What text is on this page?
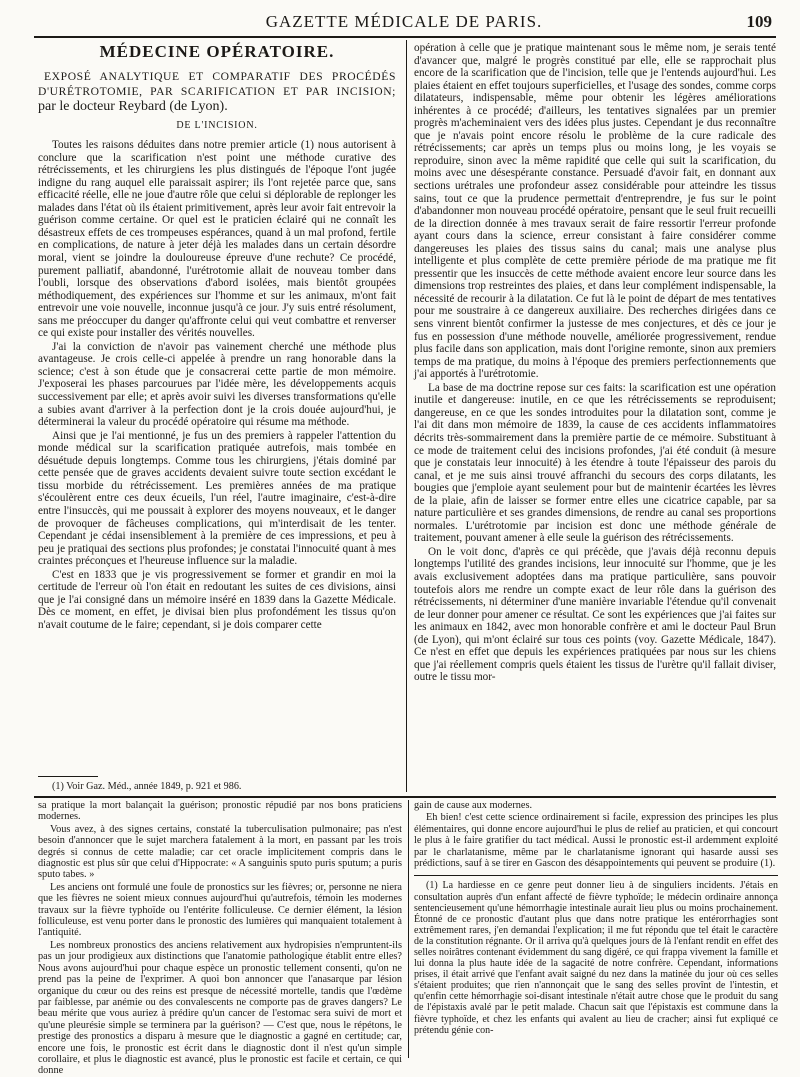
GAZETTE MÉDICALE DE PARIS.	109
MÉDECINE OPÉRATOIRE.
EXPOSÉ ANALYTIQUE ET COMPARATIF DES PROCÉDÉS D'URÉTROTOMIE, PAR SCARIFICATION ET PAR INCISION; par le docteur Reybard (de Lyon).
DE L'INCISION.

Toutes les raisons déduites dans notre premier article (1) nous autorisent à conclure que la scarification n'est point une méthode curative des rétrécissements, et les chirurgiens les plus distingués de l'époque l'ont jugée indigne du rang auquel elle paraissait aspirer; ils l'ont rejetée parce que, sans efficacité réelle, elle ne joue d'autre rôle que celui si déplorable de replonger les malades dans l'état où ils étaient primitivement, après leur avoir fait entrevoir la guérison comme certaine. Or quel est le praticien éclairé qui ne connaît les désastreux effets de ces trompeuses espérances, quand à un mal profond, fertile en complications, de nature à jeter déjà les malades dans un certain désordre moral, vient se joindre la douloureuse épreuve d'une rechute? Ce procédé, purement palliatif, abandonné, l'urétrotomie allait de nouveau tomber dans l'oubli, lorsque des observations d'abord isolées, mais bientôt groupées méthodiquement, des expériences sur l'homme et sur les animaux, m'ont fait entrevoir une voie nouvelle, inconnue jusqu'à ce jour. J'y suis entré résolument, sans me préoccuper du danger qu'affronte celui qui veut combattre et renverser ce qui existe pour installer des vérités nouvelles.

J'ai la conviction de n'avoir pas vainement cherché une méthode plus avantageuse. Je crois celle-ci appelée à prendre un rang honorable dans la science; c'est à son étude que je consacrerai cette partie de mon mémoire. J'exposerai les phases parcourues par l'idée mère, les développements acquis successivement par elle; et après avoir suivi les diverses transformations qu'elle a subies avant d'arriver à la perfection dont je la crois douée aujourd'hui, je déterminerai la valeur du procédé opératoire qui résume ma méthode.

Ainsi que je l'ai mentionné, je fus un des premiers à rappeler l'attention du monde médical sur la scarification pratiquée autrefois, mais tombée en désuétude depuis longtemps. Comme tous les chirurgiens, j'étais dominé par cette pensée que de graves accidents devaient suivre toute section excédant le tissu morbide du rétrécissement. Les premières années de ma pratique s'écoulèrent entre ces deux écueils, l'un réel, l'autre imaginaire, c'est-à-dire entre l'insuccès, qui me poussait à explorer des moyens nouveaux, et le danger de provoquer de fâcheuses complications, qui m'interdisait de les tenter. Cependant je cédai insensiblement à la première de ces impressions, et peu à peu je pratiquai des sections plus profondes; je constatai l'innocuité quant à mes craintes préconçues et l'heureuse influence sur la maladie.

C'est en 1833 que je vis progressivement se former et grandir en moi la certitude de l'erreur où l'on était en redoutant les suites de ces divisions, ainsi que je l'ai consigné dans un mémoire inséré en 1839 dans la Gazette Médicale. Dès ce moment, en effet, je divisai bien plus profondément les tissus qu'on n'avait coutume de le faire; cependant, si je dois comparer cette

(1) Voir Gaz. Méd., année 1849, p. 921 et 986.

opération à celle que je pratique maintenant sous le même nom, je serais tenté d'avancer que, malgré le progrès constitué par elle, elle se rapprochait plus encore de la scarification que de l'incision, telle que je l'entends aujourd'hui. Les plaies étaient en effet toujours superficielles, et l'usage des sondes, comme corps dilatateurs, indispensable, même pour obtenir les légères améliorations inhérentes à ce procédé; d'ailleurs, les tentatives signalées par un premier progrès m'acheminaient vers des idées plus justes. Cependant je dus reconnaître que je n'avais point encore résolu le problème de la cure radicale des rétrécissements; car après un temps plus ou moins long, je les voyais se reproduire, sinon avec la même rapidité que celle qui suit la scarification, du moins avec une désespérante constance. Persuadé d'avoir fait, en donnant aux sections urétrales une profondeur assez considérable pour atteindre les tissus sains, tout ce que la prudence permettait d'entreprendre, je fus sur le point d'abandonner mon nouveau procédé opératoire, pensant que le seul fruit recueilli de la direction donnée à mes travaux serait de faire ressortir l'erreur profonde ayant cours dans la science, erreur consistant à faire considérer comme dangereuses les plaies des tissus sains du canal; mais une analyse plus intelligente et plus complète de cette première période de ma pratique me fit pressentir que les insuccès de cette méthode avaient encore leur source dans les dimensions trop restreintes des plaies, et dans leur complément indispensable, la nécessité de recourir à la dilatation. Ce fut là le point de départ de mes tentatives pour me soustraire à ce dangereux auxiliaire. Des recherches dirigées dans ce sens vinrent bientôt confirmer la justesse de mes conjectures, et dès ce jour je fus en possession d'une méthode nouvelle, améliorée progressivement, rendue plus facile dans son application, mais dont l'origine remonte, sinon aux premiers temps de ma pratique, du moins à l'époque des premiers perfectionnements que j'ai apportés à l'urétrotomie.

La base de ma doctrine repose sur ces faits: la scarification est une opération inutile et dangereuse: inutile, en ce que les rétrécissements se reproduisent; dangereuse, en ce que les sondes introduites pour la dilatation sont, comme je l'ai dit dans mon mémoire de 1839, la cause de ces accidents inflammatoires décrits très-sommairement dans la première partie de ce mémoire. Substituant à ce mode de traitement celui des incisions profondes, j'ai été conduit (à mesure que je constatais leur innocuité) à les étendre à toute l'épaisseur des parois du canal, et je me suis ainsi trouvé affranchi du secours des corps dilatants, les bougies que j'emploie ayant seulement pour but de maintenir écartées les lèvres de la plaie, afin de laisser se former entre elles une cicatrice capable, par sa nature particulière et ses grandes dimensions, de rendre au canal ses proportions normales. L'urétrotomie par incision est donc une méthode générale de traitement, pouvant amener à elle seule la guérison des rétrécissements.

On le voit donc, d'après ce qui précède, que j'avais déjà reconnu depuis longtemps l'utilité des grandes incisions, leur innocuité sur l'homme, que je les avais exclusivement adoptées dans ma pratique particulière, sans pouvoir toutefois alors me rendre un compte exact de leur rôle dans la guérison des rétrécissements, ni déterminer d'une manière invariable l'étendue qu'il convenait de leur donner pour amener ce résultat. Ce sont les expériences que j'ai faites sur les animaux en 1842, avec mon honorable confrère et ami le docteur Paul Brun (de Lyon), qui m'ont éclairé sur tous ces points (voy. Gazette Médicale, 1847). Ce n'est en effet que depuis les expériences pratiquées par nous sur les chiens que j'ai réellement compris quels étaient les tissus de l'urètre qu'il fallait diviser, outre le tissu mor-

sa pratique la mort balançait la guérison; pronostic répudié par nos bons praticiens modernes.

Vous avez, à des signes certains, constaté la tuberculisation pulmonaire; pas n'est besoin d'annoncer que le sujet marchera fatalement à la mort, en passant par les trois degrés si connus de cette maladie; car cet oracle implicitement compris dans le diagnostic est plus sûr que celui d'Hippocrate: « A sanguinis sputo puris sputum; a puris sputo tabes. »

Les anciens ont formulé une foule de pronostics sur les fièvres; or, personne ne niera que les fièvres ne soient mieux connues aujourd'hui qu'autrefois, témoin les modernes travaux sur la fièvre typhoïde ou l'entérite folliculeuse. Ce dernier élément, la lésion folliculeuse, est venu porter dans le pronostic des lumières qui manquaient totalement à l'antiquité.

Les nombreux pronostics des anciens relativement aux hydropisies n'empruntent-ils pas un jour prodigieux aux distinctions que l'anatomie pathologique établit entre elles? Nous avons aujourd'hui pour chaque espèce un pronostic tellement consenti, qu'on ne prend pas la peine de l'exprimer. A quoi bon annoncer que l'anasarque par lésion organique du cœur ou des reins est presque de nécessité mortelle, tandis que l'œdème par faiblesse, par anémie ou des convalescents ne comporte pas de graves dangers? Le beau mérite que vous auriez à prédire qu'un cancer de l'estomac sera suivi de mort et qu'une pleurésie simple se terminera par la guérison? — C'est que, nous le répétons, le prestige des pronostics a disparu à mesure que le diagnostic a gagné en certitude; car, encore une fois, le pronostic est écrit dans le diagnostic dont il n'est qu'un simple corollaire, et plus le diagnostic est avancé, plus le pronostic est facile et certain, ce qui donne

gain de cause aux modernes.

Eh bien! c'est cette science ordinairement si facile, expression des principes les plus élémentaires, qui donne encore aujourd'hui le plus de relief au praticien, et qui concourt le plus à le faire gratifier du tact médical. Aussi le pronostic est-il ardemment exploité par le charlatanisme, même par le charlatanisme ignorant qui hasarde aussi ses prédictions, sauf à se tirer en Gascon des désappointements qui peuvent se produire (1).

(1) La hardiesse en ce genre peut donner lieu à de singuliers incidents. J'étais en consultation auprès d'un enfant affecté de fièvre typhoïde; le médecin ordinaire annonça sentencieusement qu'une hémorrhagie intestinale aurait lieu plus ou moins prochainement. Étonné de ce pronostic d'autant plus que dans notre pratique les entérorrhagies sont extrêmement rares, j'en demandai l'explication; il me fut répondu que tel était le caractère de la constitution régnante. Or il arriva qu'à quelques jours de là l'enfant rendit en effet des selles noirâtres contenant évidemment du sang digéré, ce qui frappa vivement la famille et lui donna la plus haute idée de la sagacité de notre confrère. Cependant, informations prises, il était arrivé que l'enfant avait saigné du nez dans la matinée du jour où ces selles s'étaient produites; que rien n'annonçait que le sang des selles provînt de l'intestin, et qu'enfin cette hémorrhagie soi-disant intestinale n'était autre chose que le produit du sang de l'épistaxis avalé par le petit malade. Chacun sait que l'épistaxis est commune dans la fièvre typhoïde, et chez les enfants qui avalent au lieu de cracher; ainsi fut expliqué ce prétendu génie con-
